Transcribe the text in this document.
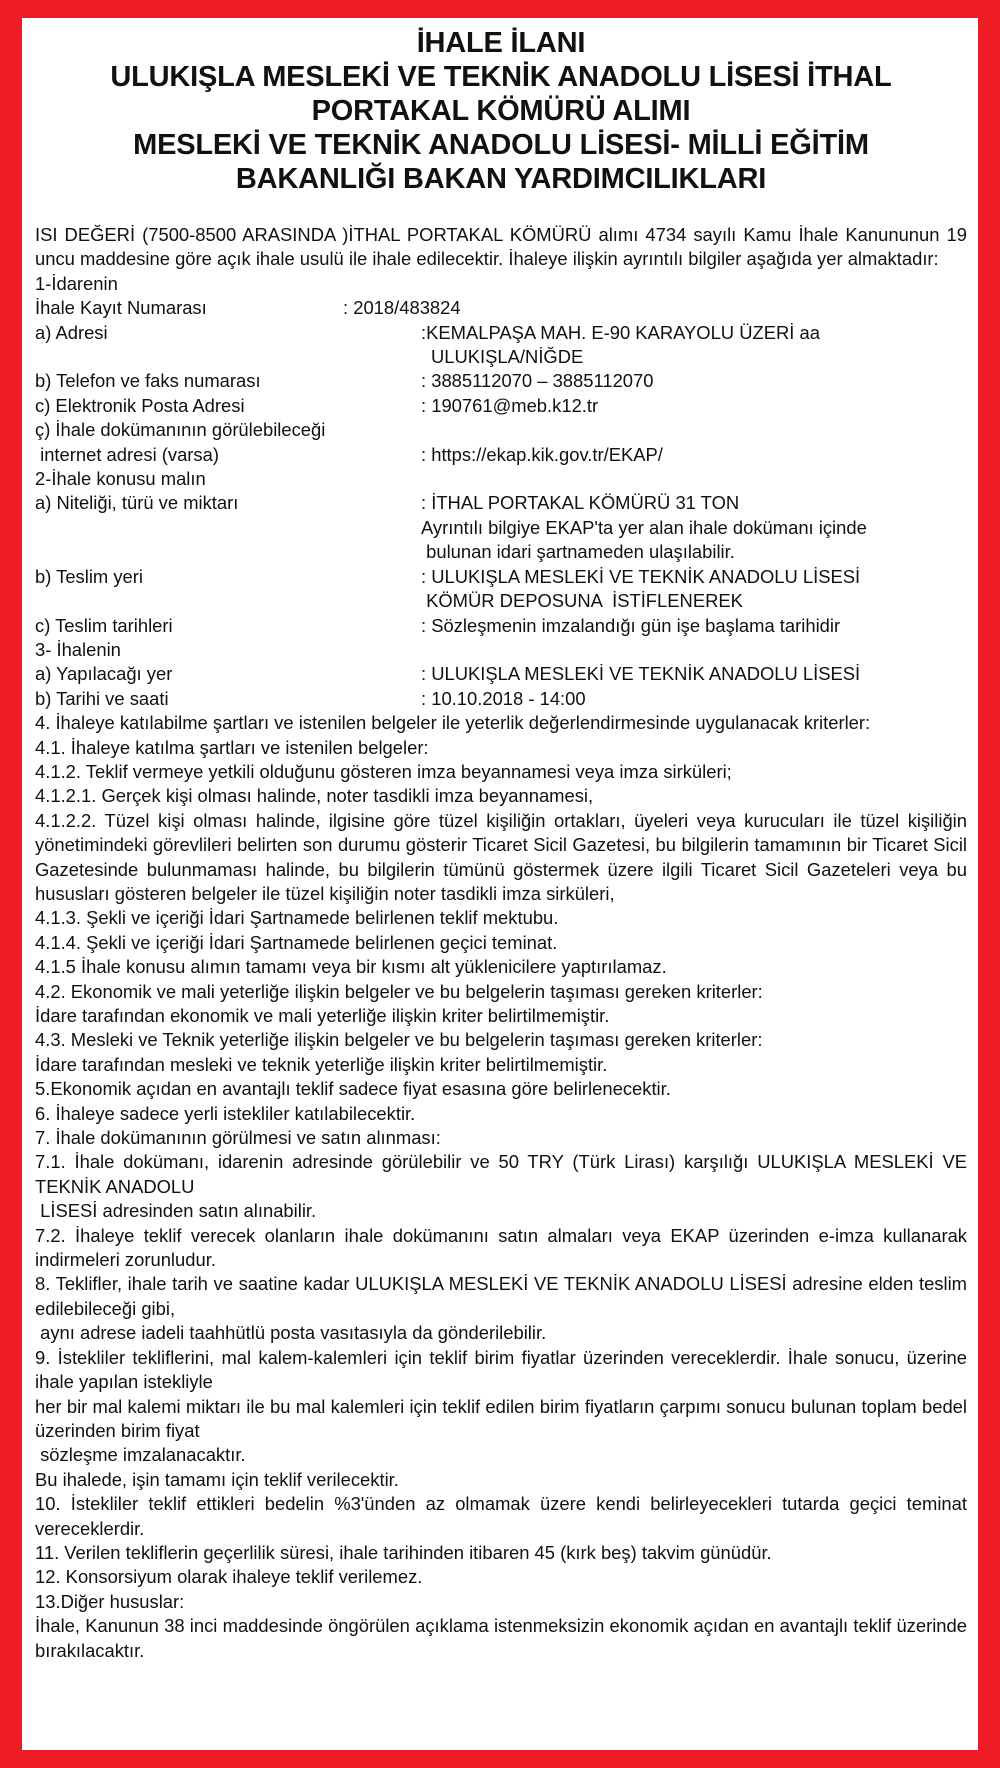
İHALE İLANI
ULUKIŞLA MESLEKİ VE TEKNİK ANADOLU LİSESİ İTHAL
PORTAKAL KÖMÜRÜ ALIMI
MESLEKİ VE TEKNİK ANADOLU LİSESİ- MİLLİ EĞİTİM
BAKANLIĞI BAKAN YARDIMCILIKLARI
ISI DEĞERİ (7500-8500 ARASINDA )İTHAL PORTAKAL KÖMÜRÜ alımı 4734 sayılı Kamu İhale Kanununun 19 uncu maddesine göre açık ihale usulü ile ihale edilecektir. İhaleye ilişkin ayrıntılı bilgiler aşağıda yer almaktadır:
1-İdarenin
İhale Kayıt Numarası	: 2018/483824
a) Adresi	:KEMALPAŞA MAH. E-90 KARAYOLU ÜZERİ aa
ULUKIŞLA/NİĞDE
b) Telefon ve faks numarası	: 3885112070 – 3885112070
c) Elektronik Posta Adresi	: 190761@meb.k12.tr
ç) İhale dokümanının görülebileceği
internet adresi (varsa)	: https://ekap.kik.gov.tr/EKAP/
2-İhale konusu malın
a) Niteliği, türü ve miktarı	: İTHAL PORTAKAL KÖMÜRÜ 31 TON
Ayrıntılı bilgiye EKAP'ta yer alan ihale dokümanı içinde
bulunan idari şartnameden ulaşılabilir.
b) Teslim yeri	: ULUKIŞLA MESLEKİ VE TEKNİK ANADOLU LİSESİ
KÖMÜR DEPOSUNA  İSTİFLENEREK
c) Teslim tarihleri	: Sözleşmenin imzalandığı gün işe başlama tarihidir
3- İhalenin
a) Yapılacağı yer	: ULUKIŞLA MESLEKİ VE TEKNİK ANADOLU LİSESİ
b) Tarihi ve saati	: 10.10.2018 - 14:00
4. İhaleye katılabilme şartları ve istenilen belgeler ile yeterlik değerlendirmesinde uygulanacak kriterler:
4.1. İhaleye katılma şartları ve istenilen belgeler:
4.1.2. Teklif vermeye yetkili olduğunu gösteren imza beyannamesi veya imza sirküleri;
4.1.2.1. Gerçek kişi olması halinde, noter tasdikli imza beyannamesi,
4.1.2.2. Tüzel kişi olması halinde, ilgisine göre tüzel kişiliğin ortakları, üyeleri veya kurucuları ile tüzel kişiliğin yönetimindeki görevlileri belirten son durumu gösterir Ticaret Sicil Gazetesi, bu bilgilerin tamamının bir Ticaret Sicil Gazetesinde bulunmaması halinde, bu bilgilerin tümünü göstermek üzere ilgili Ticaret Sicil Gazeteleri veya bu hususları gösteren belgeler ile tüzel kişiliğin noter tasdikli imza sirküleri,
4.1.3. Şekli ve içeriği İdari Şartnamede belirlenen teklif mektubu.
4.1.4. Şekli ve içeriği İdari Şartnamede belirlenen geçici teminat.
4.1.5 İhale konusu alımın tamamı veya bir kısmı alt yüklenicilere yaptırılamaz.
4.2. Ekonomik ve mali yeterliğe ilişkin belgeler ve bu belgelerin taşıması gereken kriterler:
İdare tarafından ekonomik ve mali yeterliğe ilişkin kriter belirtilmemiştir.
4.3. Mesleki ve Teknik yeterliğe ilişkin belgeler ve bu belgelerin taşıması gereken kriterler:
İdare tarafından mesleki ve teknik yeterliğe ilişkin kriter belirtilmemiştir.
5.Ekonomik açıdan en avantajlı teklif sadece fiyat esasına göre belirlenecektir.
6. İhaleye sadece yerli istekliler katılabilecektir.
7. İhale dokümanının görülmesi ve satın alınması:
7.1. İhale dokümanı, idarenin adresinde görülebilir ve 50 TRY (Türk Lirası) karşılığı ULUKIŞLA MESLEKİ VE TEKNİK ANADOLU
LİSESİ adresinden satın alınabilir.
7.2. İhaleye teklif verecek olanların ihale dokümanını satın almaları veya EKAP üzerinden e-imza kullanarak indirmeleri zorunludur.
8. Teklifler, ihale tarih ve saatine kadar ULUKIŞLA MESLEKİ VE TEKNİK ANADOLU LİSESİ adresine elden teslim edilebileceği gibi,
aynı adrese iadeli taahhütlü posta vasıtasıyla da gönderilebilir.
9. İstekliler tekliflerini, mal kalem-kalemleri için teklif birim fiyatlar üzerinden vereceklerdir. İhale sonucu, üzerine ihale yapılan istekliyle
her bir mal kalemi miktarı ile bu mal kalemleri için teklif edilen birim fiyatların çarpımı sonucu bulunan toplam bedel üzerinden birim fiyat
sözleşme imzalanacaktır.
Bu ihalede, işin tamamı için teklif verilecektir.
10. İstekliler teklif ettikleri bedelin %3'ünden az olmamak üzere kendi belirleyecekleri tutarda geçici teminat vereceklerdir.
11. Verilen tekliflerin geçerlilik süresi, ihale tarihinden itibaren 45 (kırk beş) takvim günüdür.
12. Konsorsiyum olarak ihaleye teklif verilemez.
13.Diğer hususlar:
İhale, Kanunun 38 inci maddesinde öngörülen açıklama istenmeksizin ekonomik açıdan en avantajlı teklif üzerinde bırakılacaktır.
